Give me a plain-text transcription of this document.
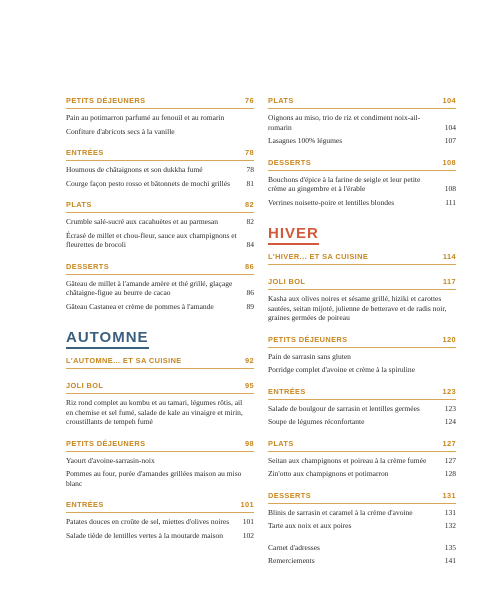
PETITS DÉJEUNERS	76
Pain au potimarron parfumé au fenouil et au romarin
Confiture d'abricots secs à la vanille
ENTRÉES	78
Houmous de châtaignons et son dukkha fumé	78
Courge façon pesto rosso et bâtonnets de mochi grillés	81
PLATS	82
Crumble salé-sucré aux cacahuètes et au parmesan	82
Écrasé de millet et chou-fleur, sauce aux champignons et fleurettes de brocoli	84
DESSERTS	86
Gâteau de millet à l'amande amère et thé grillé, glaçage châtaigne-figue au beurre de cacao	86
Gâteau Castanea et crème de pommes à l'amande	89
AUTOMNE
L'AUTOMNE... ET SA CUISINE	92
JOLI BOL	95
Riz rond complet au kombu et au tamari, légumes rôtis, ail en chemise et sel fumé, salade de kale au vinaigre et mirin, croustillants de tempeh fumé
PETITS DÉJEUNERS	98
Yaourt d'avoine-sarrasin-noix
Pommes au four, purée d'amandes grillées maison au miso blanc
ENTRÉES	101
Patates douces en croûte de sel, miettes d'olives noires	101
Salade tiède de lentilles vertes à la moutarde maison	102
PLATS	104
Oignons au miso, trio de riz et condiment noix-ail-romarin	104
Lasagnes 100% légumes	107
DESSERTS	108
Bouchons d'épice à la farine de seigle et leur petite crème au gingembre et à l'érable	108
Verrines noisette-poire et lentilles blondes	111
HIVER
L'HIVER... ET SA CUISINE	114
JOLI BOL	117
Kasha aux olives noires et sésame grillé, hiziki et carottes sautées, seitan mijoté, julienne de betterave et de radis noir, graines germées de poireau
PETITS DÉJEUNERS	120
Pain de sarrasin sans gluten
Porridge complet d'avoine et crème à la spiruline
ENTRÉES	123
Salade de boulgour de sarrasin et lentilles germées	123
Soupe de légumes réconfortante	124
PLATS	127
Seitan aux champignons et poireau à la crème fumée	127
Zin'otto aux champignons et potimarron	128
DESSERTS	131
Blinis de sarrasin et caramel à la crème d'avoine	131
Tarte aux noix et aux poires	132
Carnet d'adresses	135
Remerciements	141
